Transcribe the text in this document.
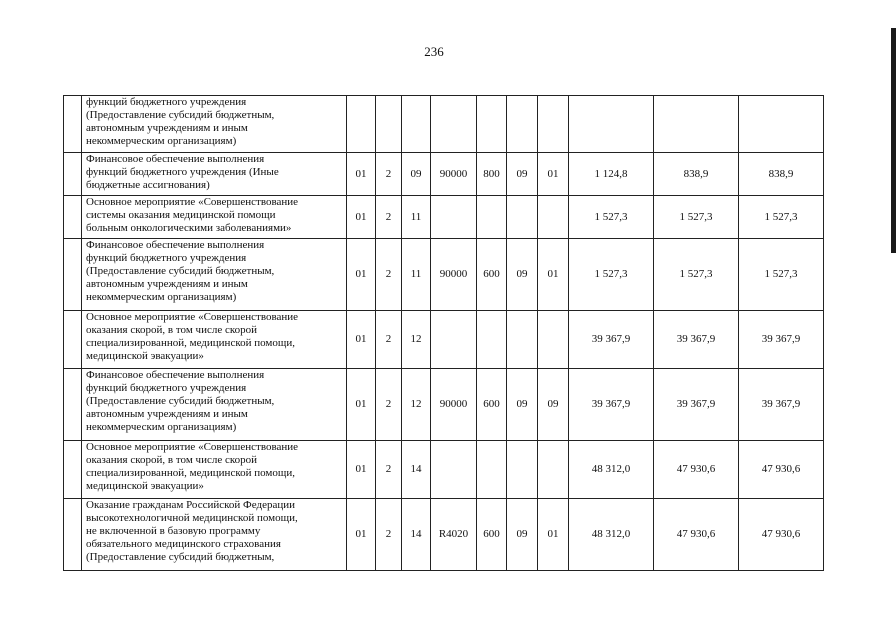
236

	функций бюджетного учреждения
(Предоставление субсидий бюджетным,
автономным учреждениям и иным
некоммерческим организациям)										

	Финансовое обеспечение выполнения
функций бюджетного учреждения (Иные
бюджетные ассигнования)	01	2	09	90000	800	09	01	1 124,8	838,9	838,9

	Основное мероприятие «Совершенствование
системы оказания медицинской помощи
больным онкологическими заболеваниями»	01	2	11					1 527,3	1 527,3	1 527,3

	Финансовое обеспечение выполнения
функций бюджетного учреждения
(Предоставление субсидий бюджетным,
автономным учреждениям и иным
некоммерческим организациям)	01	2	11	90000	600	09	01	1 527,3	1 527,3	1 527,3

	Основное мероприятие «Совершенствование
оказания скорой, в том числе скорой
специализированной, медицинской помощи,
медицинской эвакуации»	01	2	12					39 367,9	39 367,9	39 367,9

	Финансовое обеспечение выполнения
функций бюджетного учреждения
(Предоставление субсидий бюджетным,
автономным учреждениям и иным
некоммерческим организациям)	01	2	12	90000	600	09	09	39 367,9	39 367,9	39 367,9

	Основное мероприятие «Совершенствование
оказания скорой, в том числе скорой
специализированной, медицинской помощи,
медицинской эвакуации»	01	2	14					48 312,0	47 930,6	47 930,6

	Оказание гражданам Российской Федерации
высокотехнологичной медицинской помощи,
не включенной в базовую программу
обязательного медицинского страхования
(Предоставление субсидий бюджетным,	01	2	14	R4020	600	09	01	48 312,0	47 930,6	47 930,6
